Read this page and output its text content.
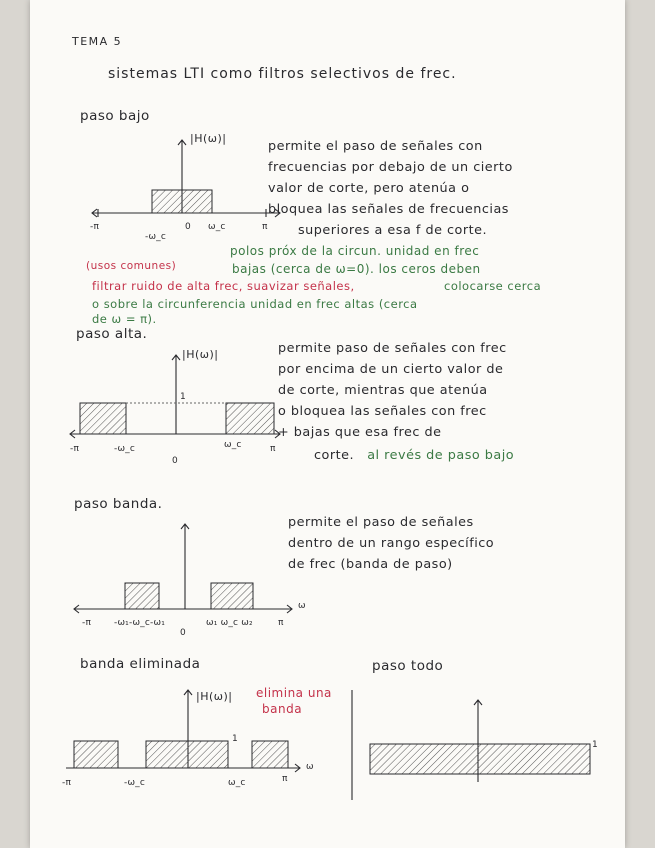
TEMA 5
sistemas LTI como filtros selectivos de frec.
paso bajo
|H(ω)|
-π
-ω_c
0 ω_c	π
permite el paso de señales con
frecuencias por debajo de un cierto
valor de corte, pero atenúa o
bloquea las señales de frecuencias
superiores a esa f de corte.
polos próx de la circun. unidad en frec
(usos comunes)	bajas (cerca de ω=0). los ceros deben
filtrar ruido de alta frec, suavizar señales,	colocarse cerca
o sobre la circunferencia unidad en frec altas (cerca
de ω = π).
paso alta.
|H(ω)|
1
-π	-ω_c
0
ω_c	π
permite paso de señales con frec
por encima de un cierto valor de
de corte, mientras que atenúa
o bloquea las señales con frec
+ bajas que esa frec de
corte. al revés de paso bajo
paso banda.
ω
-π	-ω₁-ω_c-ω₁
0
ω₁ ω_c ω₂	π
permite el paso de señales
dentro de un rango específico
de frec (banda de paso)
banda eliminada
|H(ω)| elimina una
banda
1
ω
-π	-ω_c	ω_c	π
paso todo
1
